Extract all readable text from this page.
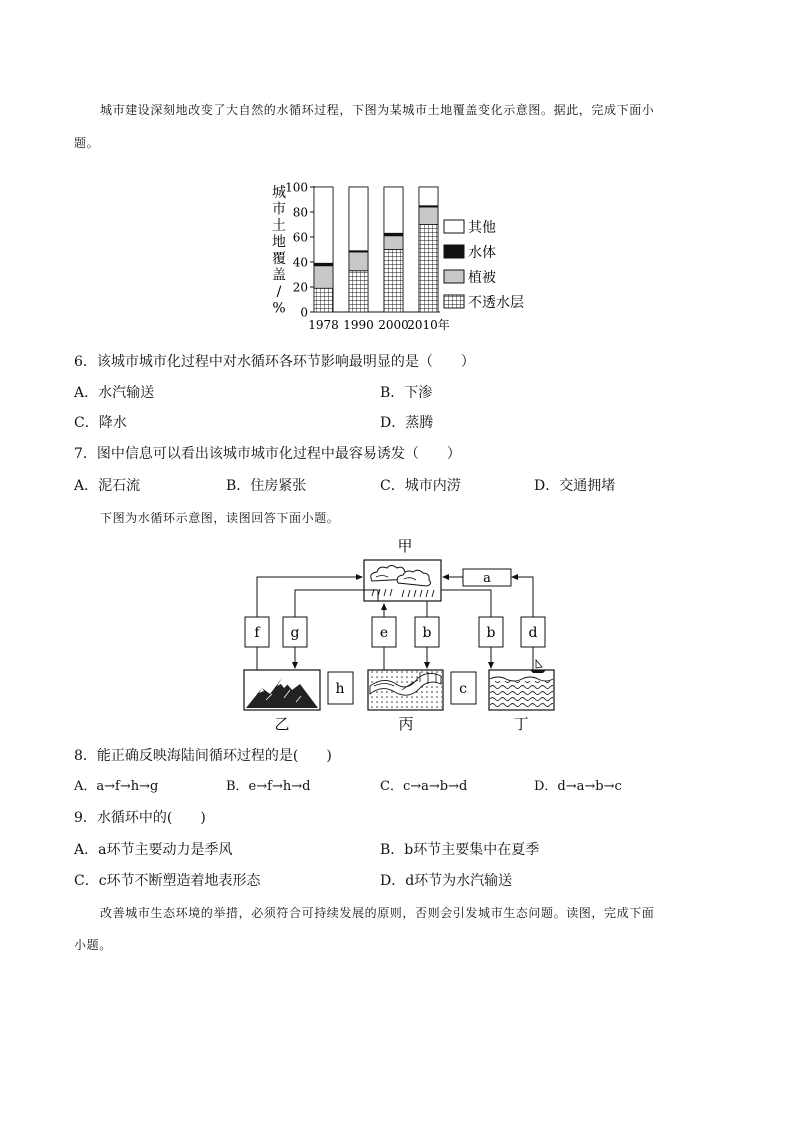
城市建设深刻地改变了大自然的水循环过程，下图为某城市土地覆盖变化示意图。据此，完成下面小
题。
城
市
土
地
覆
盖
/
% 0
20
40
60
80
100
1978 1990 2000
2010年
其他
水体
植被
不透水层
6．该城市城市化过程中对水循环各环节影响最明显的是（　　）
A．水汽输送	B．下渗
C．降水	D．蒸腾
7．图中信息可以看出该城市城市化过程中最容易诱发（　　）
A．泥石流	B．住房紧张	C．城市内涝	D．交通拥堵
下图为水循环示意图，读图回答下面小题。
甲
a
f g	e b	b d
h	c
乙	丙	丁
8．能正确反映海陆间循环过程的是(　　)
A．a→f→h→g	B．e→f→h→d	C．c→a→b→d	D．d→a→b→c
9．水循环中的(　　)
A．a环节主要动力是季风	B．b环节主要集中在夏季
C．c环节不断塑造着地表形态	D．d环节为水汽输送
改善城市生态环境的举措，必须符合可持续发展的原则，否则会引发城市生态问题。读图，完成下面
小题。
